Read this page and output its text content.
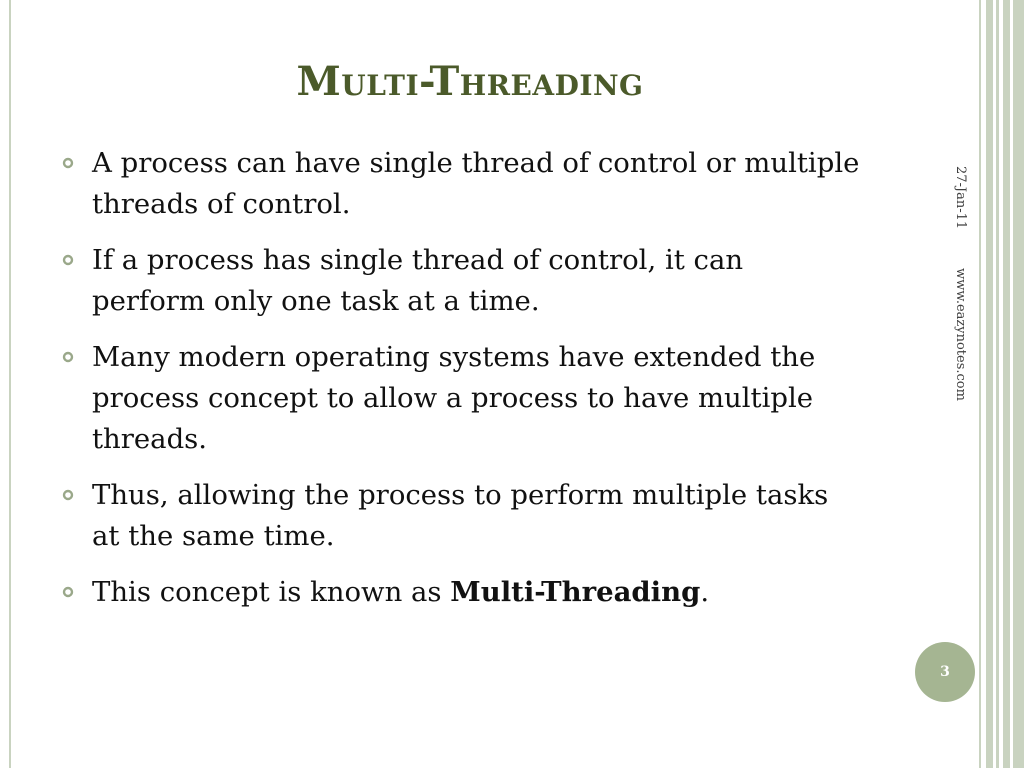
Multi-Threading
A process can have single thread of control or multiple threads of control.
If a process has single thread of control, it can perform only one task at a time.
Many modern operating systems have extended the process concept to allow a process to have multiple threads.
Thus, allowing the process to perform multiple tasks at the same time.
This concept is known as Multi-Threading.
27-Jan-11
www.eazynotes.com
3
